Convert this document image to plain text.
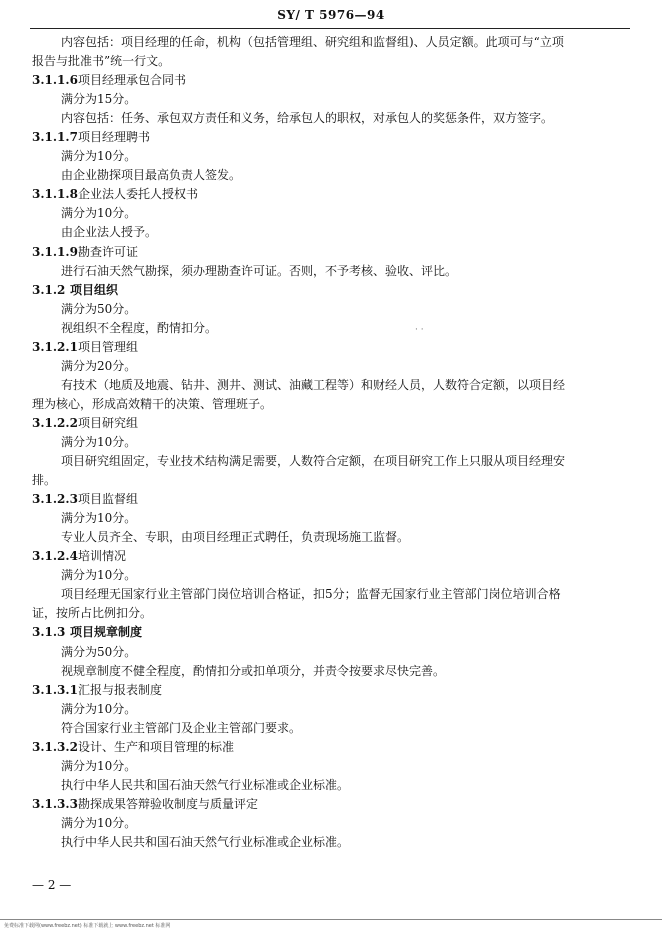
SY/ T 5976—94
内容包括：项目经理的任命，机构（包括管理组、研究组和监督组)、人员定额。此项可与“立项
报告与批准书”统一行文。
3.1.1.6项目经理承包合同书
满分为15分。
内容包括：任务、承包双方责任和义务，给承包人的职权，对承包人的奖惩条件，双方签字。
3.1.1.7项目经理聘书
满分为10分。
由企业勘探项目最高负责人签发。
3.1.1.8企业法人委托人授权书
满分为10分。
由企业法人授予。
3.1.1.9勘查许可证
进行石油天然气勘探，须办理勘查许可证。否则，不予考核、验收、评比。
3.1.2 项目组织
满分为50分。
视组织不全程度，酌情扣分。
3.1.2.1项目管理组
满分为20分。
有技术（地质及地震、钻井、测井、测试、油藏工程等）和财经人员，人数符合定额，以项目经
理为核心，形成高效精干的决策、管理班子。
3.1.2.2项目研究组
满分为10分。
项目研究组固定，专业技术结构满足需要，人数符合定额，在项目研究工作上只服从项目经理安
排。
3.1.2.3项目监督组
满分为10分。
专业人员齐全、专职，由项目经理正式聘任，负责现场施工监督。
3.1.2.4培训情况
满分为10分。
项目经理无国家行业主管部门岗位培训合格证，扣5分；监督无国家行业主管部门岗位培训合格
证，按所占比例扣分。
3.1.3 项目规章制度
满分为50分。
视规章制度不健全程度，酌情扣分或扣单项分，并责令按要求尽快完善。
3.1.3.1汇报与报表制度
满分为10分。
符合国家行业主管部门及企业主管部门要求。
3.1.3.2设计、生产和项目管理的标准
满分为10分。
执行中华人民共和国石油天然气行业标准或企业标准。
3.1.3.3勘探成果答辩验收制度与质量评定
满分为10分。
执行中华人民共和国石油天然气行业标准或企业标准。
· ·
— 2 —
免费标准下载网(www.freebz.net) 标准下载就上 www.freebz.net 标准网
